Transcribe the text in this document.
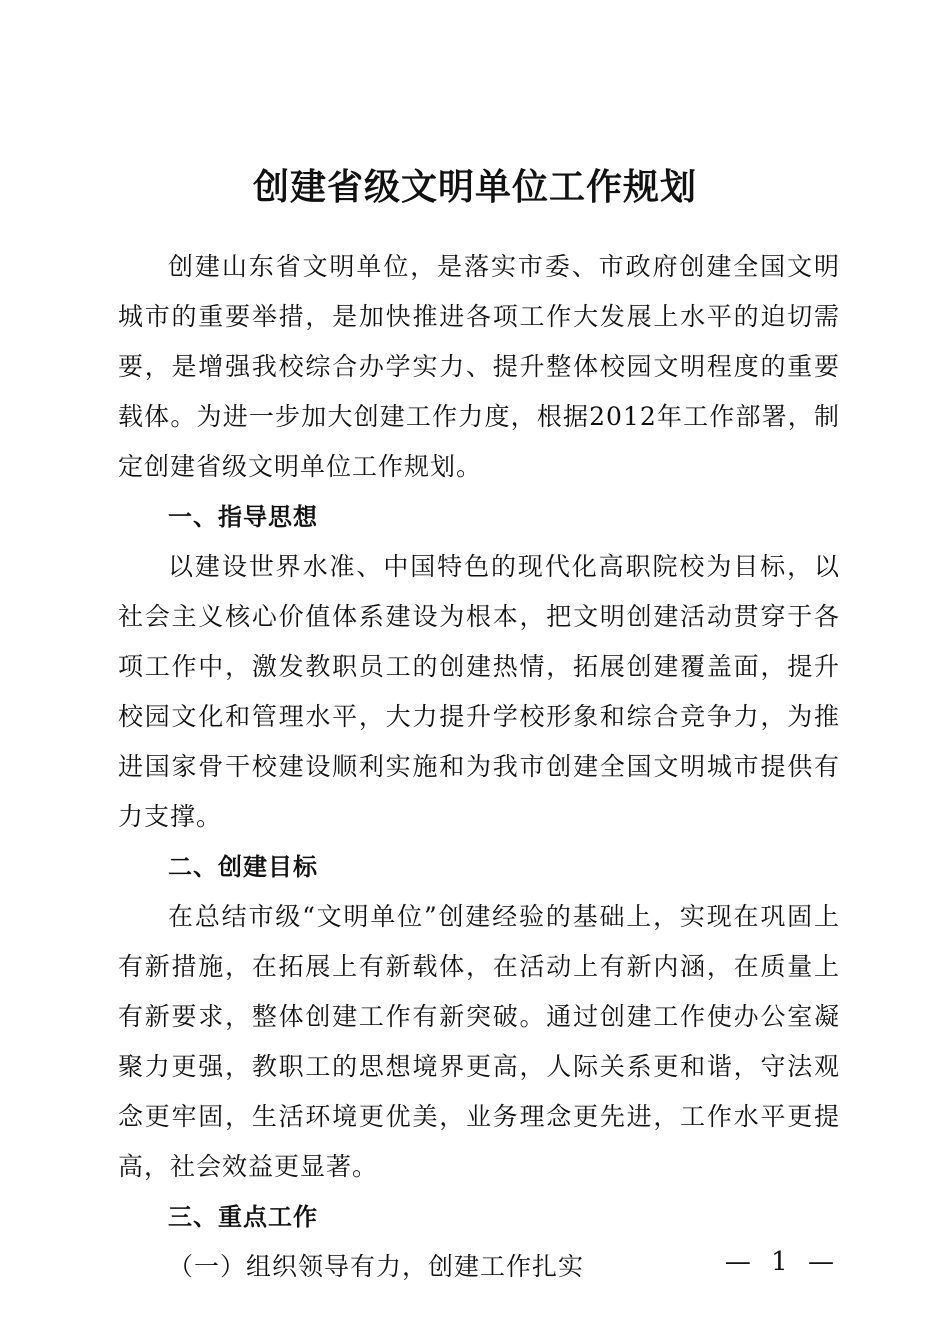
创建省级文明单位工作规划

创建山东省文明单位，是落实市委、市政府创建全国文明城市的重要举措，是加快推进各项工作大发展上水平的迫切需要，是增强我校综合办学实力、提升整体校园文明程度的重要载体。为进一步加大创建工作力度，根据2012年工作部署，制定创建省级文明单位工作规划。

一、指导思想

以建设世界水准、中国特色的现代化高职院校为目标，以社会主义核心价值体系建设为根本，把文明创建活动贯穿于各项工作中，激发教职员工的创建热情，拓展创建覆盖面，提升校园文化和管理水平，大力提升学校形象和综合竞争力，为推进国家骨干校建设顺利实施和为我市创建全国文明城市提供有力支撑。

二、创建目标

在总结市级“文明单位”创建经验的基础上，实现在巩固上有新措施，在拓展上有新载体，在活动上有新内涵，在质量上有新要求，整体创建工作有新突破。通过创建工作使办公室凝聚力更强，教职工的思想境界更高，人际关系更和谐，守法观念更牢固，生活环境更优美，业务理念更先进，工作水平更提高，社会效益更显著。

三、重点工作
（一）组织领导有力，创建工作扎实	— 1 —
